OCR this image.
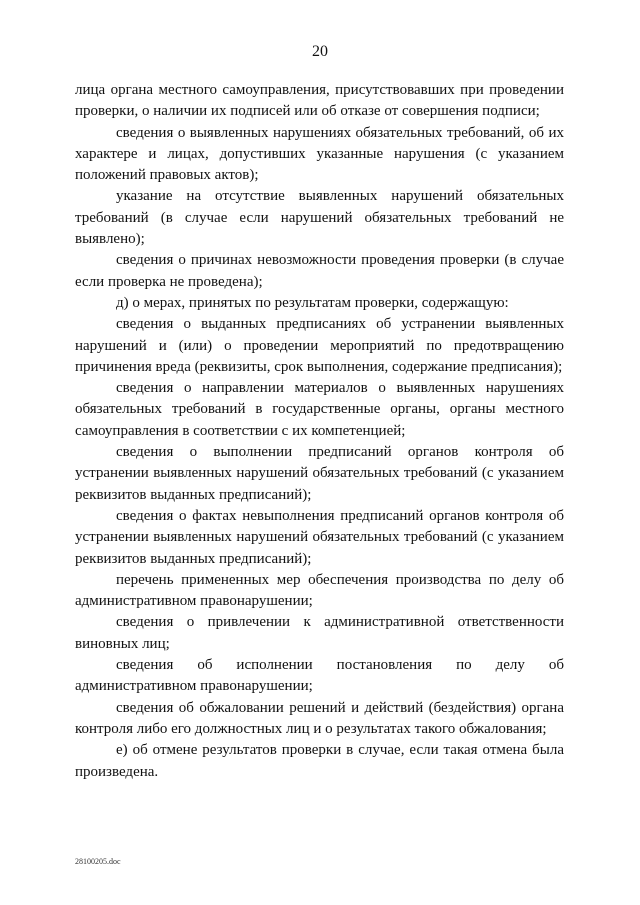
20

лица органа местного самоуправления, присутствовавших при проведении проверки, о наличии их подписей или об отказе от совершения подписи;

сведения о выявленных нарушениях обязательных требований, об их характере и лицах, допустивших указанные нарушения (с указанием положений правовых актов);

указание на отсутствие выявленных нарушений обязательных требований (в случае если нарушений обязательных требований не выявлено);

сведения о причинах невозможности проведения проверки (в случае если проверка не проведена);

д) о мерах, принятых по результатам проверки, содержащую:

сведения о выданных предписаниях об устранении выявленных нарушений и (или) о проведении мероприятий по предотвращению причинения вреда (реквизиты, срок выполнения, содержание предписания);

сведения о направлении материалов о выявленных нарушениях обязательных требований в государственные органы, органы местного самоуправления в соответствии с их компетенцией;

сведения о выполнении предписаний органов контроля об устранении выявленных нарушений обязательных требований (с указанием реквизитов выданных предписаний);

сведения о фактах невыполнения предписаний органов контроля об устранении выявленных нарушений обязательных требований (с указанием реквизитов выданных предписаний);

перечень примененных мер обеспечения производства по делу об административном правонарушении;

сведения о привлечении к административной ответственности виновных лиц;

сведения об исполнении постановления по делу об административном правонарушении;

сведения об обжаловании решений и действий (бездействия) органа контроля либо его должностных лиц и о результатах такого обжалования;

е) об отмене результатов проверки в случае, если такая отмена была произведена.

28100205.doc
